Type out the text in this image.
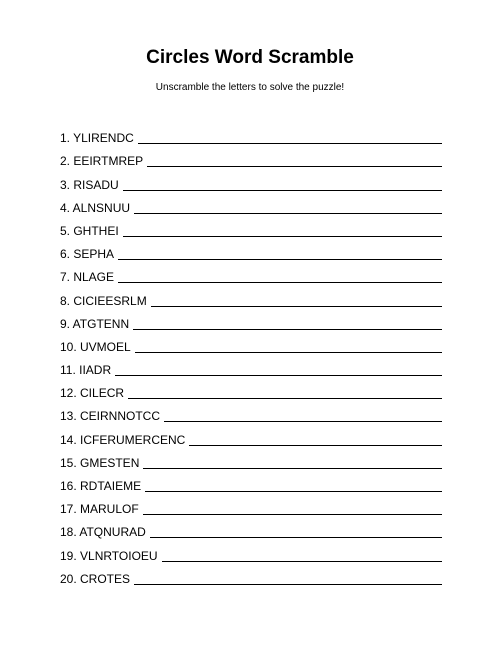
Circles Word Scramble
Unscramble the letters to solve the puzzle!
1. YLIRENDC
2. EEIRTMREP
3. RISADU
4. ALNSNUU
5. GHTHEI
6. SEPHA
7. NLAGE
8. CICIEESRLM
9. ATGTENN
10. UVMOEL
11. IIADR
12. CILECR
13. CEIRNNOTCC
14. ICFERUMERCENC
15. GMESTEN
16. RDTAIEME
17. MARULOF
18. ATQNURAD
19. VLNRTOIOEU
20. CROTES
